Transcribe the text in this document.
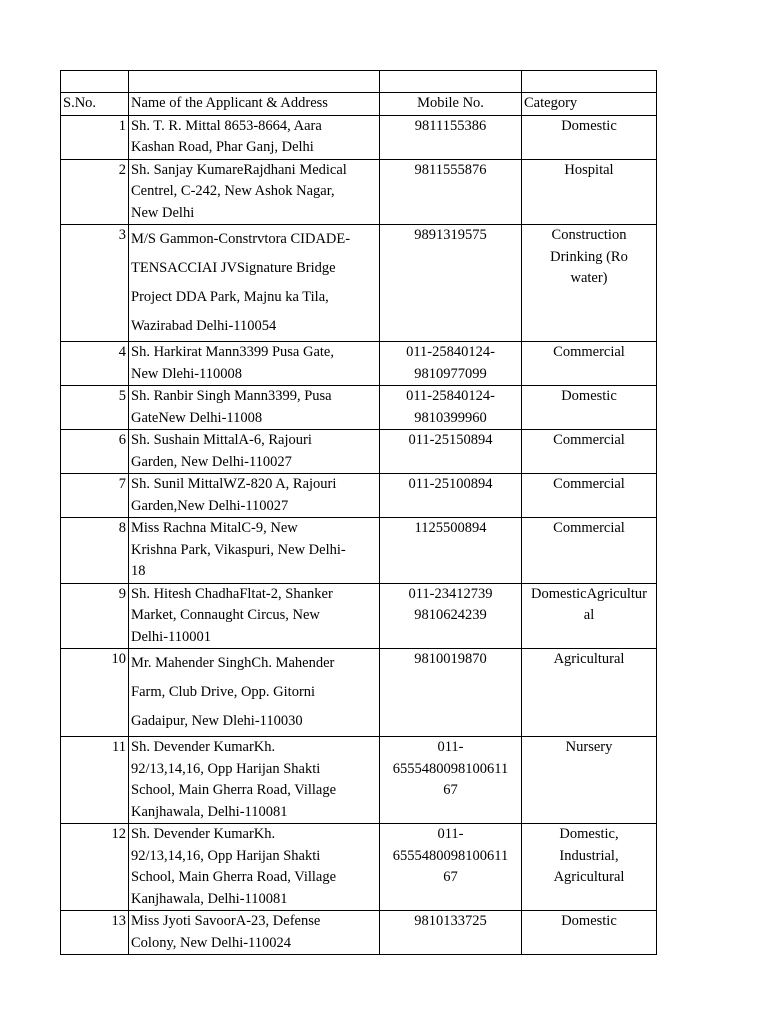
S.No.	Name of the Applicant & Address	Mobile No.	Category
1	Sh. T. R. Mittal 8653-8664, Aara
Kashan Road, Phar Ganj, Delhi	9811155386	Domestic

2	Sh. Sanjay KumareRajdhani Medical
Centrel, C-242, New Ashok Nagar,
New Delhi	9811555876	Hospital

3	M/S Gammon-Constrvtora CIDADE-
TENSACCIAI JVSignature Bridge
Project DDA Park, Majnu ka Tila,
Wazirabad Delhi-110054	9891319575	Construction
Drinking (Ro
water)

4	Sh. Harkirat Mann3399 Pusa Gate,
New Dlehi-110008	011-25840124-
9810977099	Commercial

5	Sh. Ranbir Singh Mann3399, Pusa
GateNew Delhi-11008	011-25840124-
9810399960	Domestic

6	Sh. Sushain MittalA-6, Rajouri
Garden, New Delhi-110027	011-25150894	Commercial

7	Sh. Sunil MittalWZ-820 A, Rajouri
Garden,New Delhi-110027	011-25100894	Commercial

8	Miss Rachna MitalC-9, New
Krishna Park, Vikaspuri, New Delhi-
18	1125500894	Commercial

9	Sh. Hitesh ChadhaFltat-2, Shanker
Market, Connaught Circus, New
Delhi-110001	011-23412739
9810624239	DomesticAgricultur
al

10	Mr. Mahender SinghCh. Mahender
Farm, Club Drive, Opp. Gitorni
Gadaipur, New Dlehi-110030	9810019870	Agricultural

11	Sh. Devender KumarKh.
92/13,14,16, Opp Harijan Shakti
School, Main Gherra Road, Village
Kanjhawala, Delhi-110081	011-
6555480098100611
67	Nursery

12	Sh. Devender KumarKh.
92/13,14,16, Opp Harijan Shakti
School, Main Gherra Road, Village
Kanjhawala, Delhi-110081	011-
6555480098100611
67	Domestic,
Industrial,
Agricultural

13	Miss Jyoti SavoorA-23, Defense
Colony, New Delhi-110024	9810133725	Domestic
